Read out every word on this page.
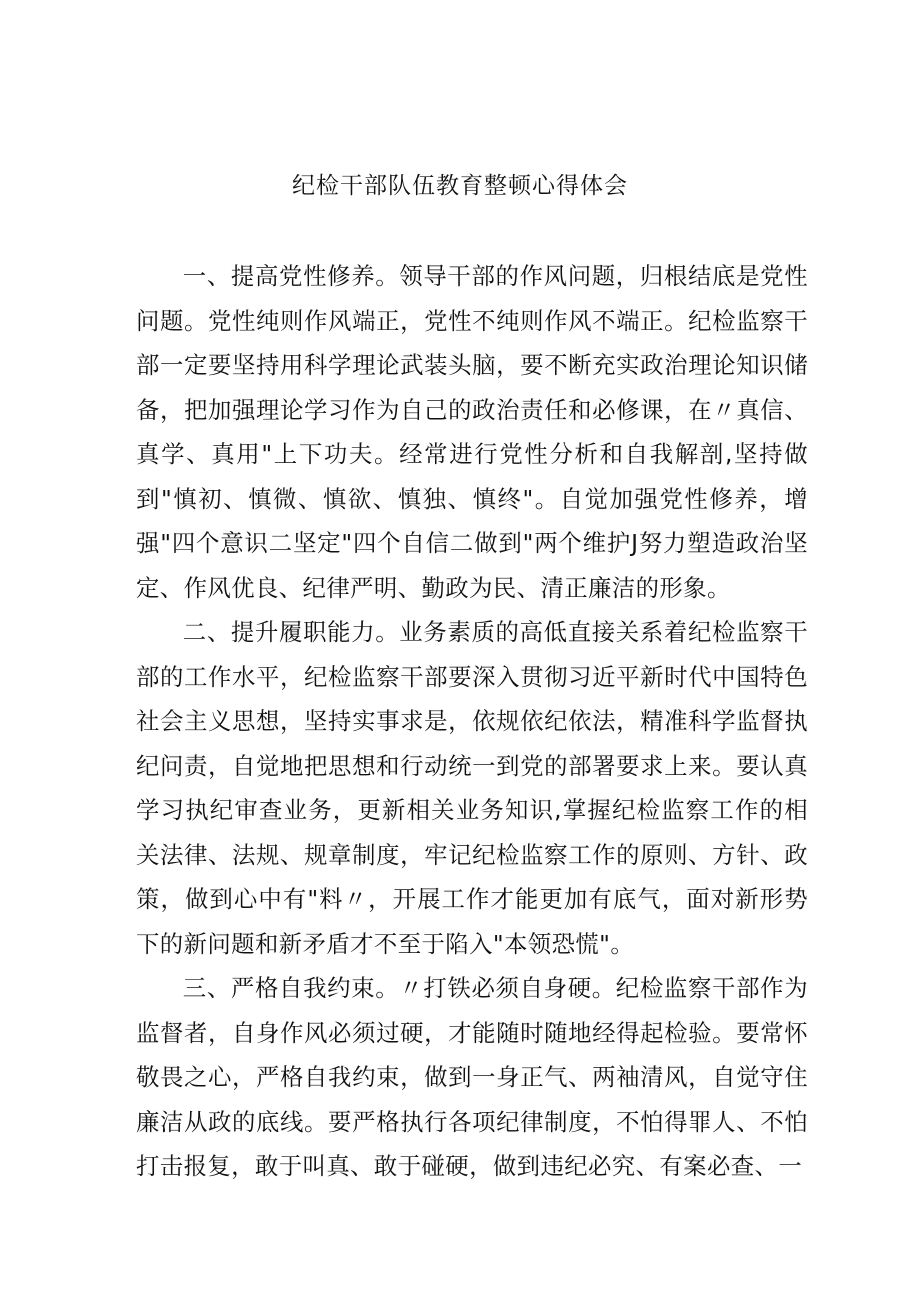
纪检干部队伍教育整顿心得体会

一、提高党性修养。领导干部的作风问题，归根结底是党性问题。党性纯则作风端正，党性不纯则作风不端正。纪检监察干部一定要坚持用科学理论武装头脑，要不断充实政治理论知识储备，把加强理论学习作为自己的政治责任和必修课，在〃真信、真学、真用"上下功夫。经常进行党性分析和自我解剖,坚持做到"慎初、慎微、慎欲、慎独、慎终"。自觉加强党性修养，增强"四个意识二坚定"四个自信二做到"两个维护J努力塑造政治坚定、作风优良、纪律严明、勤政为民、清正廉洁的形象。

二、提升履职能力。业务素质的高低直接关系着纪检监察干部的工作水平，纪检监察干部要深入贯彻习近平新时代中国特色社会主义思想，坚持实事求是，依规依纪依法，精准科学监督执纪问责，自觉地把思想和行动统一到党的部署要求上来。要认真学习执纪审查业务，更新相关业务知识,掌握纪检监察工作的相关法律、法规、规章制度，牢记纪检监察工作的原则、方针、政策，做到心中有"料〃，开展工作才能更加有底气，面对新形势下的新问题和新矛盾才不至于陷入"本领恐慌"。

三、严格自我约束。〃打铁必须自身硬。纪检监察干部作为监督者，自身作风必须过硬，才能随时随地经得起检验。要常怀敬畏之心，严格自我约束，做到一身正气、两袖清风，自觉守住廉洁从政的底线。要严格执行各项纪律制度，不怕得罪人、不怕打击报复，敢于叫真、敢于碰硬，做到违纪必究、有案必查、一
